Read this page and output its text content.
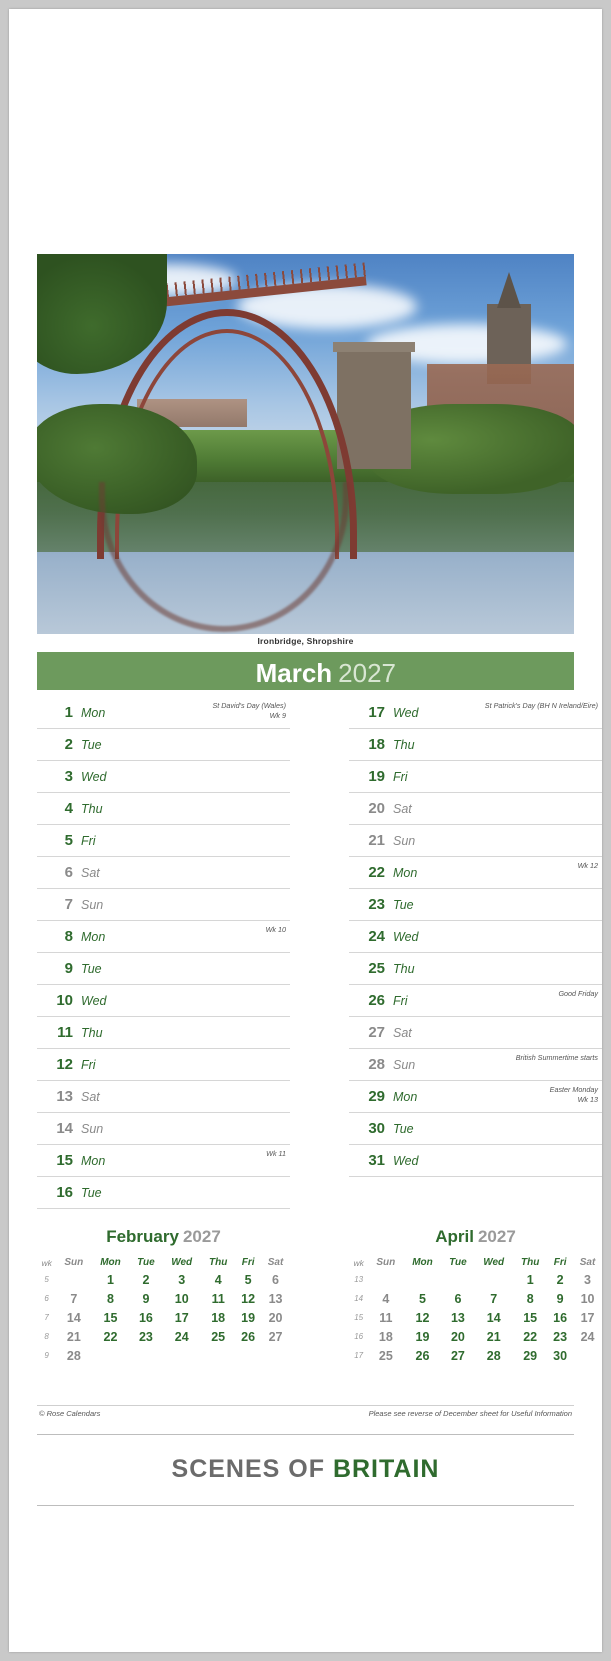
Ironbridge, Shropshire
March 2027
1 Mon
St David's Day (Wales)
Wk 9
2 Tue
3 Wed
4 Thu
5 Fri
6 Sat
7 Sun
8 Mon
Wk 10
9 Tue
10 Wed
11 Thu
12 Fri
13 Sat
14 Sun
15 Mon
Wk 11
16 Tue
17 Wed
St Patrick's Day (BH N Ireland/Eire)
18 Thu
19 Fri
20 Sat
21 Sun
22 Mon
Wk 12
23 Tue
24 Wed
25 Thu
26 Fri
Good Friday
27 Sat
28 Sun
British Summertime starts
29 Mon
Easter Monday
Wk 13
30 Tue
31 Wed
February 2027
wk	Sun	Mon	Tue	Wed	Thu	Fri	Sat
5		1	2	3	4	5	6
6	7	8	9	10	11	12	13
7	14	15	16	17	18	19	20
8	21	22	23	24	25	26	27
9	28						
April 2027
wk	Sun	Mon	Tue	Wed	Thu	Fri	Sat
13					1	2	3
14	4	5	6	7	8	9	10
15	11	12	13	14	15	16	17
16	18	19	20	21	22	23	24
17	25	26	27	28	29	30	
© Rose Calendars	Please see reverse of December sheet for Useful Information
SCENES OF BRITAIN
